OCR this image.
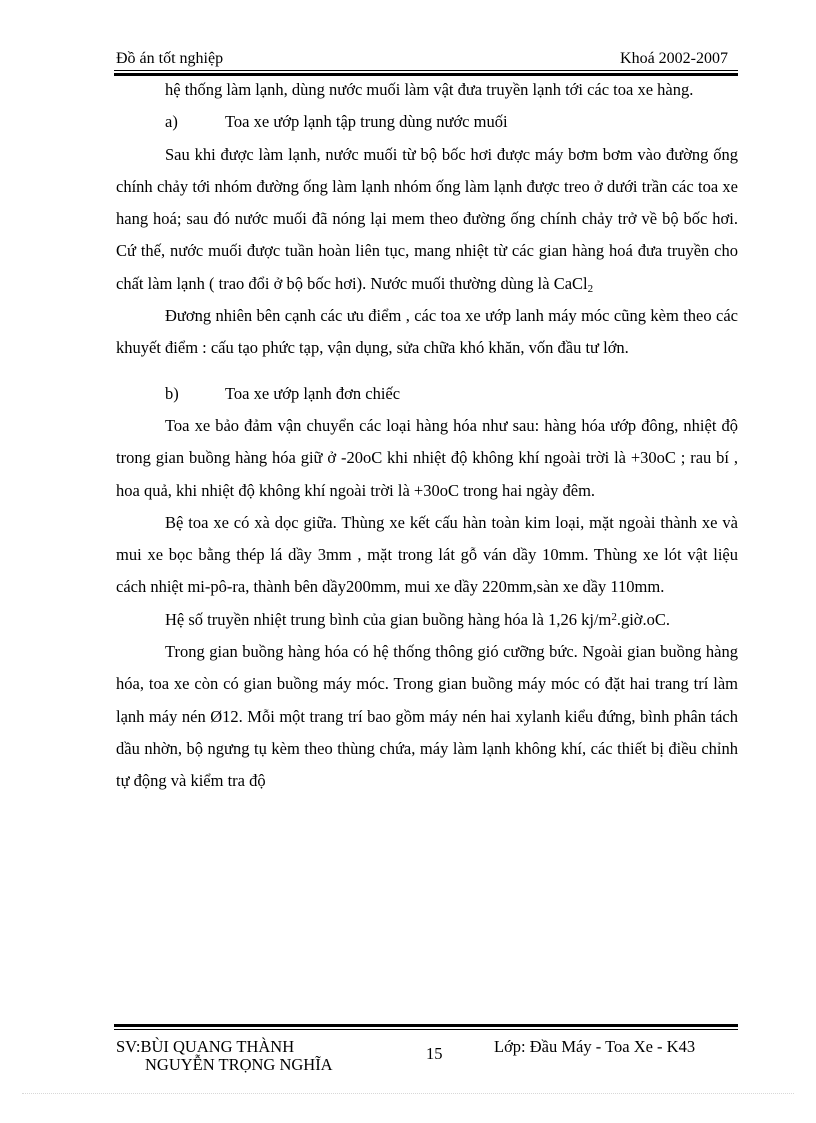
Đồ án tốt nghiệp	Khoá 2002-2007

hệ thống làm lạnh, dùng nước muối làm vật đưa truyền lạnh tới các toa xe hàng.

a)	Toa xe ướp lạnh tập trung dùng nước muối

Sau khi được làm lạnh, nước muối từ bộ bốc hơi được máy bơm bơm vào đường ống chính chảy tới nhóm đường ống làm lạnh nhóm ống làm lạnh được treo ở dưới trần các toa xe hang hoá; sau đó nước muối đã nóng lại mem theo đường ống chính chảy trở về bộ bốc hơi. Cứ thế, nước muối được tuần hoàn liên tục, mang nhiệt từ các gian hàng hoá đưa truyền cho chất làm lạnh ( trao đổi ở bộ bốc hơi). Nước muối thường dùng là CaCl$_2$

Đương nhiên bên cạnh các ưu điểm , các toa xe ướp lanh máy móc cũng kèm theo các khuyết điểm : cấu tạo phức tạp, vận dụng, sửa chữa khó khăn, vốn đầu tư lớn.

b)	Toa xe ướp lạnh đơn chiếc

Toa xe bảo đảm vận chuyển các loại hàng hóa như sau: hàng hóa ướp đông, nhiệt độ trong gian buồng hàng hóa giữ ở -20oC khi nhiệt độ không khí ngoài trời là +30oC ; rau bí , hoa quả, khi nhiệt độ không khí ngoài trời là +30oC trong hai ngày đêm.

Bệ toa xe có xà dọc giữa. Thùng xe kết cấu hàn toàn kim loại, mặt ngoài thành xe và mui xe bọc bằng thép lá dầy 3mm , mặt trong lát gỗ ván dầy 10mm. Thùng xe lót vật liệu cách nhiệt mi-pô-ra, thành bên dầy200mm, mui xe dầy 220mm,sàn xe dầy 110mm.

Hệ số truyền nhiệt trung bình của gian buồng hàng hóa là 1,26 $kj/m^2.giờ.oC$.

Trong gian buồng hàng hóa có hệ thống thông gió cưỡng bức. Ngoài gian buồng hàng hóa, toa xe còn có gian buồng máy móc. Trong gian buồng máy móc có đặt hai trang trí làm lạnh máy nén Ø12. Mỗi một trang trí bao gồm máy nén hai xylanh kiểu đứng, bình phân tách dầu nhờn, bộ ngưng tụ kèm theo thùng chứa, máy làm lạnh không khí, các thiết bị điều chỉnh tự động và kiểm tra độ

SV:BÙI QUANG THÀNH
NGUYỄN TRỌNG NGHĨA
15	Lớp: Đầu Máy - Toa Xe - K43
